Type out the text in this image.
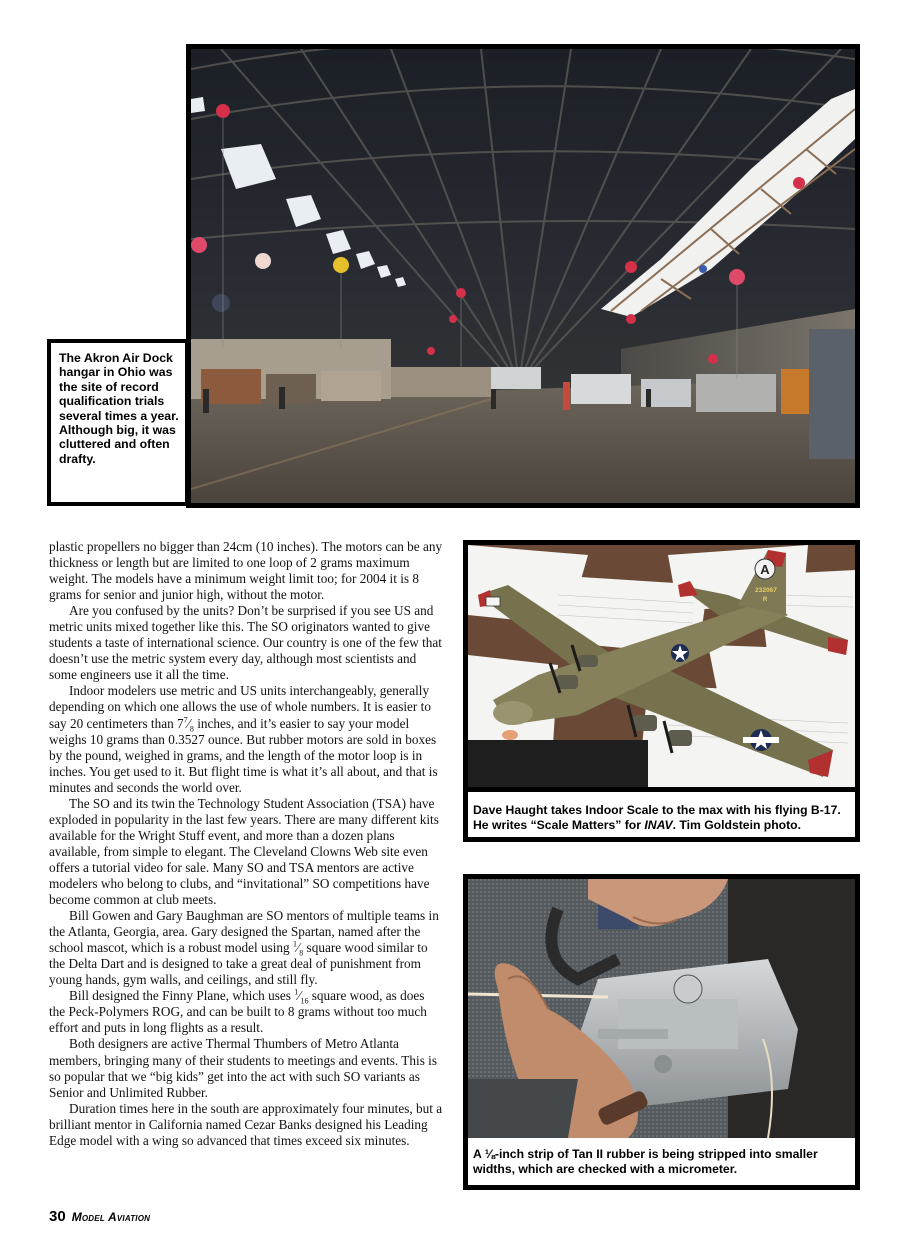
The Akron Air Dock hangar in Ohio was the site of record qualification trials several times a year. Although big, it was cluttered and often drafty.
A
232067
R
Dave Haught takes Indoor Scale to the max with his flying B-17. He writes “Scale Matters” for INAV. Tim Goldstein photo.
A ⅛-inch strip of Tan II rubber is being stripped into smaller widths, which are checked with a micrometer.

plastic propellers no bigger than 24cm (10 inches). The motors can be any thickness or length but are limited to one loop of 2 grams maximum weight. The models have a minimum weight limit too; for 2004 it is 8 grams for senior and junior high, without the motor.

Are you confused by the units? Don’t be surprised if you see US and metric units mixed together like this. The SO originators wanted to give students a taste of international science. Our country is one of the few that doesn’t use the metric system every day, although most scientists and some engineers use it all the time.

Indoor modelers use metric and US units interchangeably, generally depending on which one allows the use of whole numbers. It is easier to say 20 centimeters than $7^7⁄_8$ inches, and it’s easier to say your model weighs 10 grams than 0.3527 ounce. But rubber motors are sold in boxes by the pound, weighed in grams, and the length of the motor loop is in inches. You get used to it. But flight time is what it’s all about, and that is minutes and seconds the world over.

The SO and its twin the Technology Student Association (TSA) have exploded in popularity in the last few years. There are many different kits available for the Wright Stuff event, and more than a dozen plans available, from simple to elegant. The Cleveland Clowns Web site even offers a tutorial video for sale. Many SO and TSA mentors are active modelers who belong to clubs, and “invitational” SO competitions have become common at club meets.

Bill Gowen and Gary Baughman are SO mentors of multiple teams in the Atlanta, Georgia, area. Gary designed the Spartan, named after the school mascot, which is a robust model using $^1⁄_8$ square wood similar to the Delta Dart and is designed to take a great deal of punishment from young hands, gym walls, and ceilings, and still fly.

Bill designed the Finny Plane, which uses $^1⁄_{16}$ square wood, as does the Peck-Polymers ROG, and can be built to 8 grams without too much effort and puts in long flights as a result.

Both designers are active Thermal Thumbers of Metro Atlanta members, bringing many of their students to meetings and events. This is so popular that we “big kids” get into the act with such SO variants as Senior and Unlimited Rubber.

Duration times here in the south are approximately four minutes, but a brilliant mentor in California named Cezar Banks designed his Leading Edge model with a wing so advanced that times exceed six minutes.

30 Model Aviation
